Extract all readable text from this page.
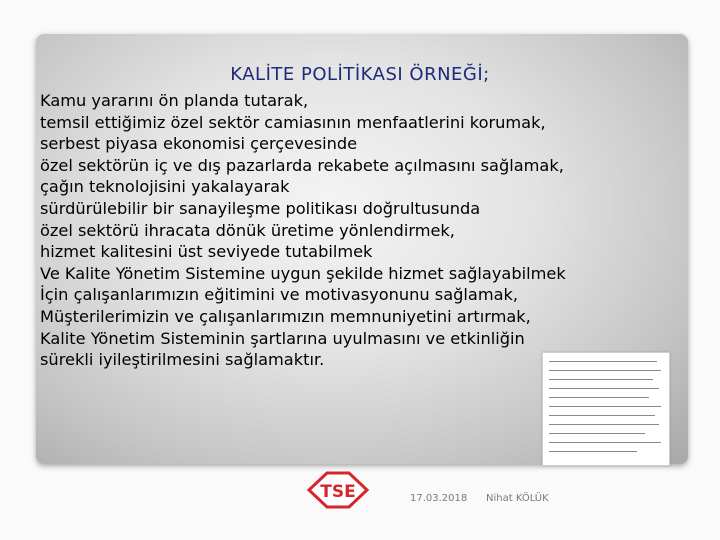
KALİTE POLİTİKASI ÖRNEĞİ;
Kamu yararını ön planda tutarak,
temsil ettiğimiz özel sektör camiasının menfaatlerini korumak,
serbest piyasa ekonomisi çerçevesinde
özel sektörün iç ve dış pazarlarda rekabete açılmasını sağlamak,
çağın teknolojisini yakalayarak
sürdürülebilir bir sanayileşme politikası doğrultusunda
özel sektörü ihracata dönük üretime yönlendirmek,
hizmet kalitesini üst seviyede tutabilmek
Ve Kalite Yönetim Sistemine uygun şekilde hizmet sağlayabilmek
İçin çalışanlarımızın eğitimini ve motivasyonunu sağlamak,
Müşterilerimizin ve çalışanlarımızın memnuniyetini artırmak,
Kalite Yönetim Sisteminin şartlarına uyulmasını ve etkinliğin
sürekli iyileştirilmesini sağlamaktır.
TSE	17.03.2018 Nihat KÖLÜK
